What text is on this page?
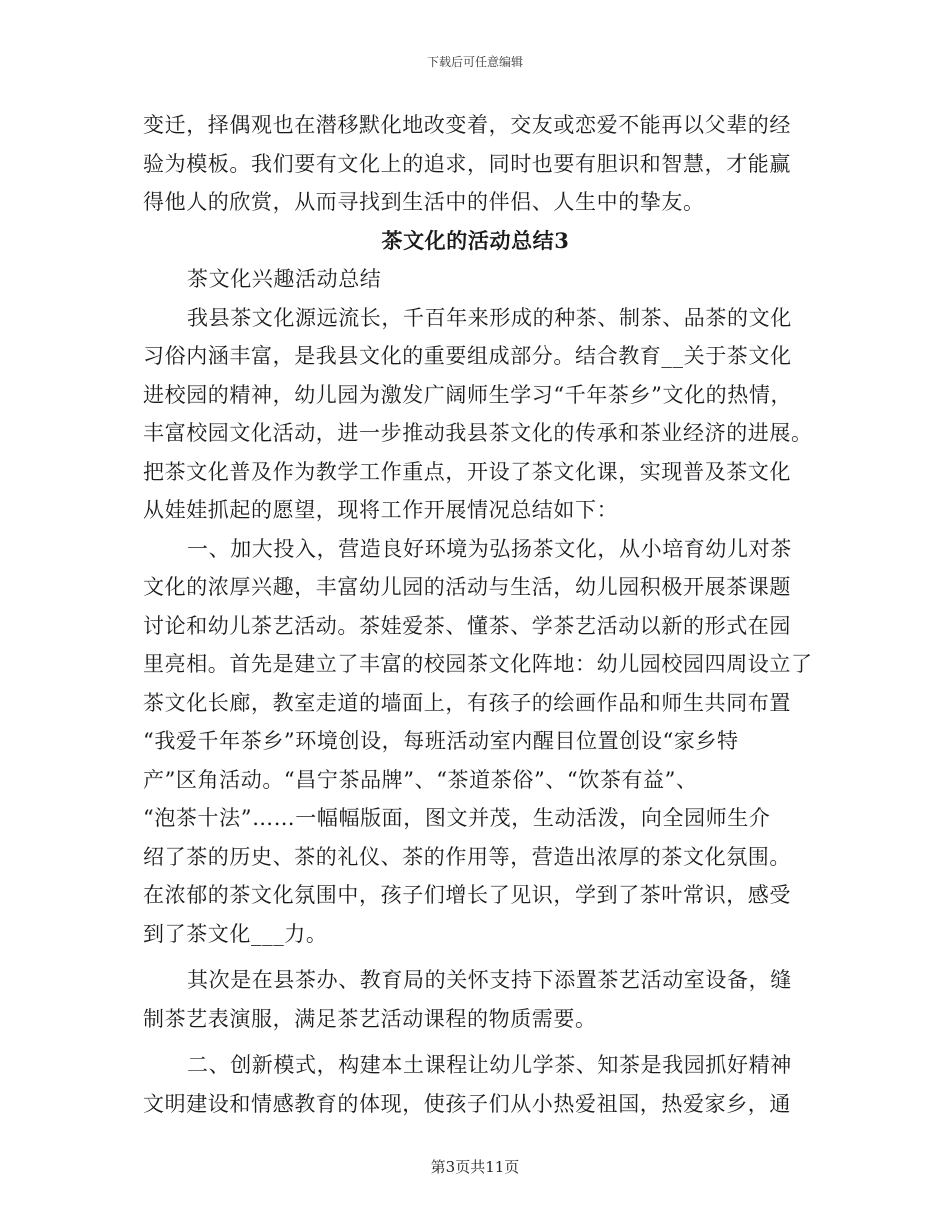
下载后可任意编辑
变迁，择偶观也在潜移默化地改变着，交友或恋爱不能再以父辈的经
验为模板。我们要有文化上的追求，同时也要有胆识和智慧，才能赢
得他人的欣赏，从而寻找到生活中的伴侣、人生中的挚友。
茶文化的活动总结3
茶文化兴趣活动总结
我县茶文化源远流长，千百年来形成的种茶、制茶、品茶的文化
习俗内涵丰富，是我县文化的重要组成部分。结合教育__关于茶文化
进校园的精神，幼儿园为激发广阔师生学习“千年茶乡”文化的热情，
丰富校园文化活动，进一步推动我县茶文化的传承和茶业经济的进展。
把茶文化普及作为教学工作重点，开设了茶文化课，实现普及茶文化
从娃娃抓起的愿望，现将工作开展情况总结如下：
一、加大投入，营造良好环境为弘扬茶文化，从小培育幼儿对茶
文化的浓厚兴趣，丰富幼儿园的活动与生活，幼儿园积极开展茶课题
讨论和幼儿茶艺活动。茶娃爱茶、懂茶、学茶艺活动以新的形式在园
里亮相。首先是建立了丰富的校园茶文化阵地：幼儿园校园四周设立了
茶文化长廊，教室走道的墙面上，有孩子的绘画作品和师生共同布置
“我爱千年茶乡”环境创设，每班活动室内醒目位置创设“家乡特
产”区角活动。“昌宁茶品牌”、“茶道茶俗”、“饮茶有益”、
“泡茶十法”……一幅幅版面，图文并茂，生动活泼，向全园师生介
绍了茶的历史、茶的礼仪、茶的作用等，营造出浓厚的茶文化氛围。
在浓郁的茶文化氛围中，孩子们增长了见识，学到了茶叶常识，感受
到了茶文化___力。
其次是在县茶办、教育局的关怀支持下添置茶艺活动室设备，缝
制茶艺表演服，满足茶艺活动课程的物质需要。
二、创新模式，构建本土课程让幼儿学茶、知茶是我园抓好精神
文明建设和情感教育的体现，使孩子们从小热爱祖国，热爱家乡，通
第3页共11页
